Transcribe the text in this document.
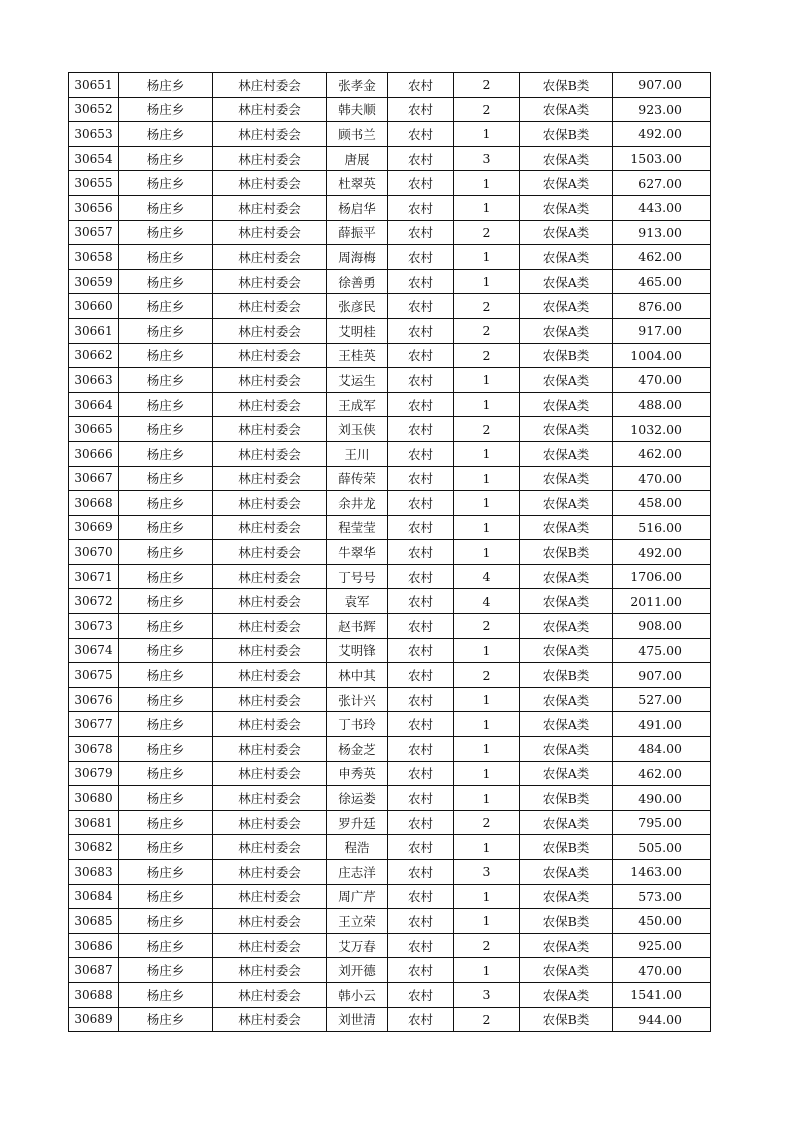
30651	杨庄乡	林庄村委会	张孝金	农村	2	农保B类	907.00
30652	杨庄乡	林庄村委会	韩夫顺	农村	2	农保A类	923.00
30653	杨庄乡	林庄村委会	顾书兰	农村	1	农保B类	492.00
30654	杨庄乡	林庄村委会	唐展	农村	3	农保A类	1503.00
30655	杨庄乡	林庄村委会	杜翠英	农村	1	农保A类	627.00
30656	杨庄乡	林庄村委会	杨启华	农村	1	农保A类	443.00
30657	杨庄乡	林庄村委会	薛振平	农村	2	农保A类	913.00
30658	杨庄乡	林庄村委会	周海梅	农村	1	农保A类	462.00
30659	杨庄乡	林庄村委会	徐善勇	农村	1	农保A类	465.00
30660	杨庄乡	林庄村委会	张彦民	农村	2	农保A类	876.00
30661	杨庄乡	林庄村委会	艾明桂	农村	2	农保A类	917.00
30662	杨庄乡	林庄村委会	王桂英	农村	2	农保B类	1004.00
30663	杨庄乡	林庄村委会	艾运生	农村	1	农保A类	470.00
30664	杨庄乡	林庄村委会	王成军	农村	1	农保A类	488.00
30665	杨庄乡	林庄村委会	刘玉侠	农村	2	农保A类	1032.00
30666	杨庄乡	林庄村委会	王川	农村	1	农保A类	462.00
30667	杨庄乡	林庄村委会	薛传荣	农村	1	农保A类	470.00
30668	杨庄乡	林庄村委会	余井龙	农村	1	农保A类	458.00
30669	杨庄乡	林庄村委会	程莹莹	农村	1	农保A类	516.00
30670	杨庄乡	林庄村委会	牛翠华	农村	1	农保B类	492.00
30671	杨庄乡	林庄村委会	丁号号	农村	4	农保A类	1706.00
30672	杨庄乡	林庄村委会	袁军	农村	4	农保A类	2011.00
30673	杨庄乡	林庄村委会	赵书辉	农村	2	农保A类	908.00
30674	杨庄乡	林庄村委会	艾明锋	农村	1	农保A类	475.00
30675	杨庄乡	林庄村委会	林中其	农村	2	农保B类	907.00
30676	杨庄乡	林庄村委会	张计兴	农村	1	农保A类	527.00
30677	杨庄乡	林庄村委会	丁书玲	农村	1	农保A类	491.00
30678	杨庄乡	林庄村委会	杨金芝	农村	1	农保A类	484.00
30679	杨庄乡	林庄村委会	申秀英	农村	1	农保A类	462.00
30680	杨庄乡	林庄村委会	徐运娄	农村	1	农保B类	490.00
30681	杨庄乡	林庄村委会	罗升廷	农村	2	农保A类	795.00
30682	杨庄乡	林庄村委会	程浩	农村	1	农保B类	505.00
30683	杨庄乡	林庄村委会	庄志洋	农村	3	农保A类	1463.00
30684	杨庄乡	林庄村委会	周广芹	农村	1	农保A类	573.00
30685	杨庄乡	林庄村委会	王立荣	农村	1	农保B类	450.00
30686	杨庄乡	林庄村委会	艾万春	农村	2	农保A类	925.00
30687	杨庄乡	林庄村委会	刘开德	农村	1	农保A类	470.00
30688	杨庄乡	林庄村委会	韩小云	农村	3	农保A类	1541.00
30689	杨庄乡	林庄村委会	刘世清	农村	2	农保B类	944.00
